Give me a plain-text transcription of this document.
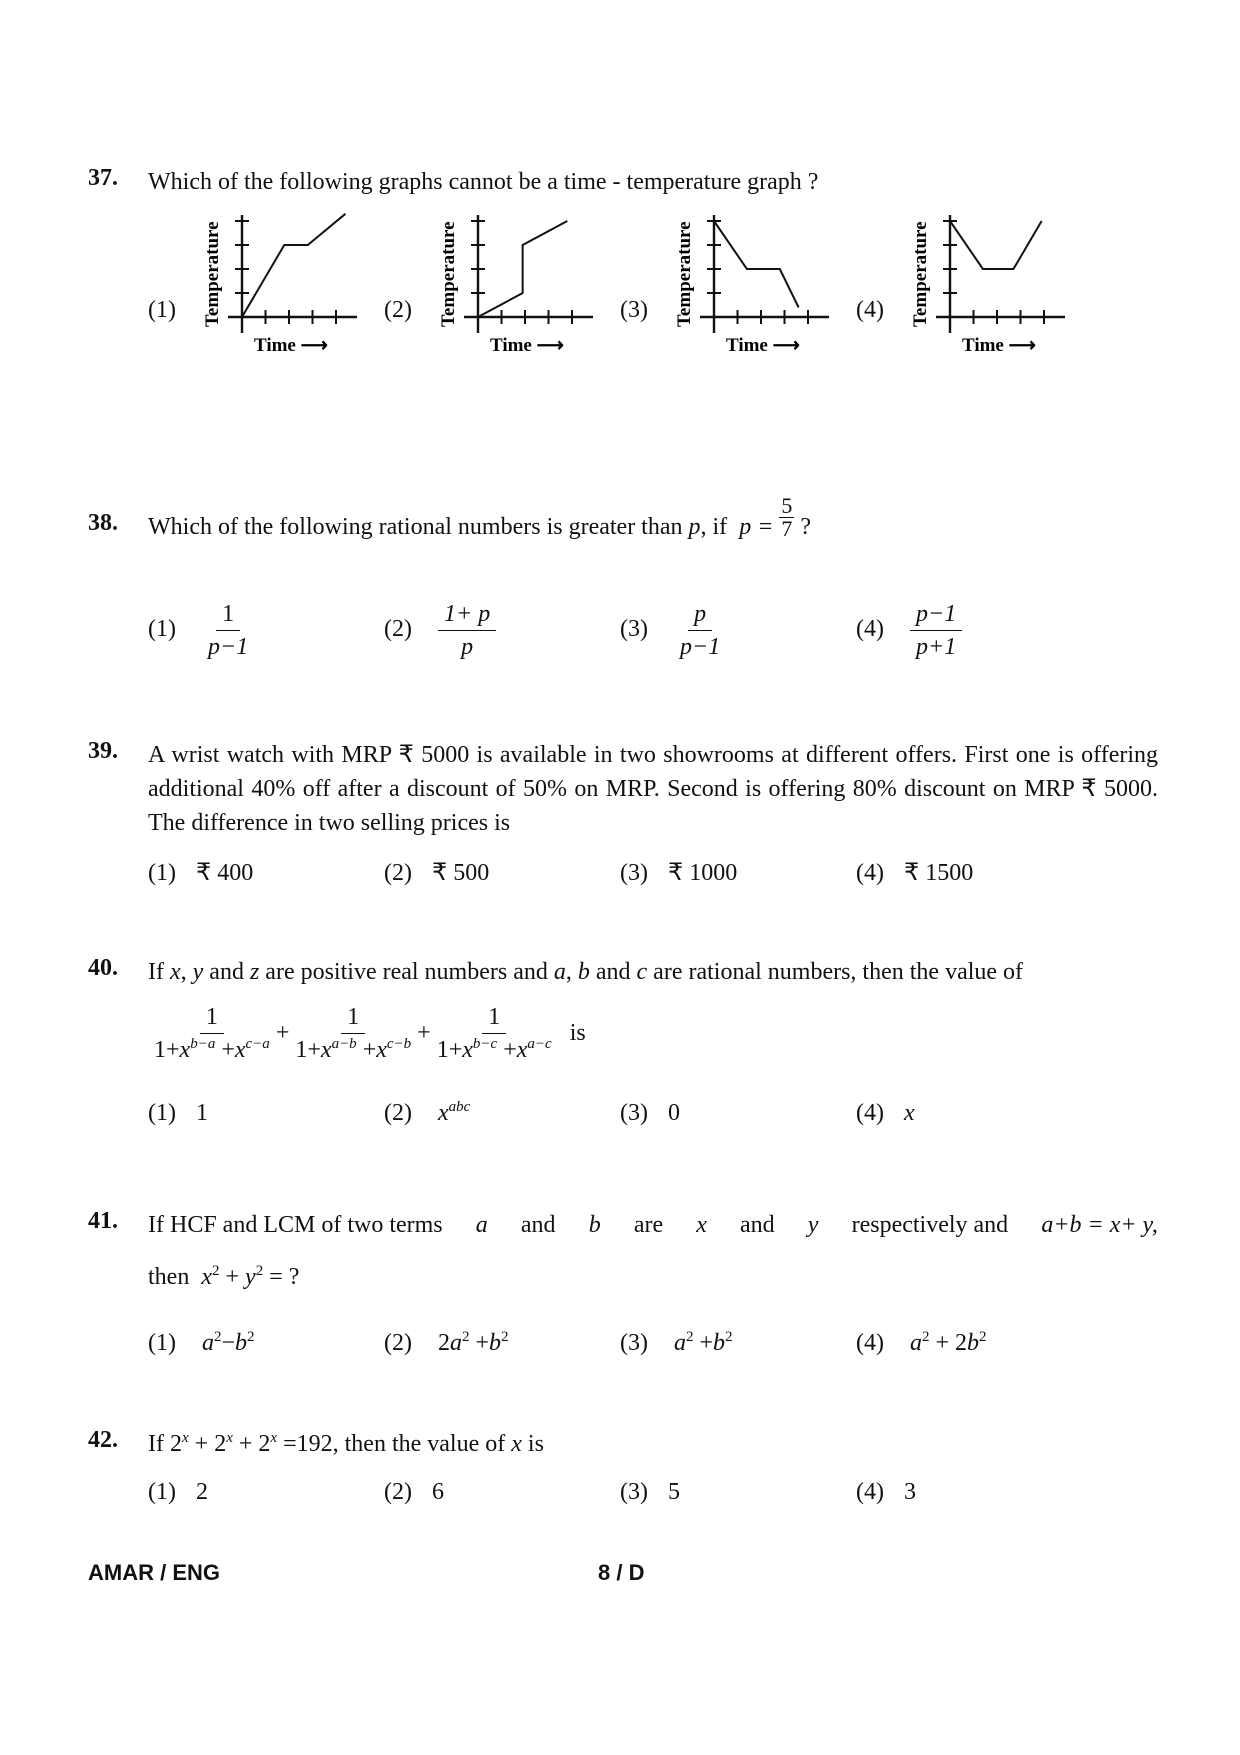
37. Which of the following graphs cannot be a time - temperature graph ?
(1) Temperature
Time ⟶
(2) Temperature
Time ⟶
(3) Temperature
Time ⟶
(4) Temperature
Time ⟶
38. Which of the following rational numbers is greater than p, if $p = \frac{5}{7}$ ?
$(1) \frac{1}{p-1}$	$(2) \frac{1+ p}{p}$	$(3) \frac{p}{p-1}$	$(4) \frac{p-1}{p+1}$
39. A wrist watch with MRP ₹ 5000 is available in two showrooms at different offers. First one is offering additional 40% off after a discount of 50% on MRP. Second is offering 80% discount on MRP ₹ 5000. The difference in two selling prices is
(1) ₹ 400	(2) ₹ 500	(3) ₹ 1000	(4) ₹ 1500
40. If x, y and z are positive real numbers and a, b and c are rational numbers, then the value of
$\frac{1}{1+x^{b-a} +x^{c-a}} + \frac{1}{1+x^{a-b} +x^{c-b}} + \frac{1}{1+x^{b-c} +x^{a-c}}$ is
(1) 1	(2) $x^{abc}$	(3) 0	(4) x
41. If HCF and LCM of two terms a and b are x and y respectively and a+b = x+ y,
then $x^2 + y^2$ = ?
(1) $a^2-b^2$	(2) $2a^2 +b^2$	(3) $a^2 +b^2$	(4) $a^2 + 2b^2$
42. If $2^x + 2^x + 2^x =192$, then the value of x is
(1) 2	(2) 6	(3) 5	(4) 3
AMAR / ENG	8 / D
